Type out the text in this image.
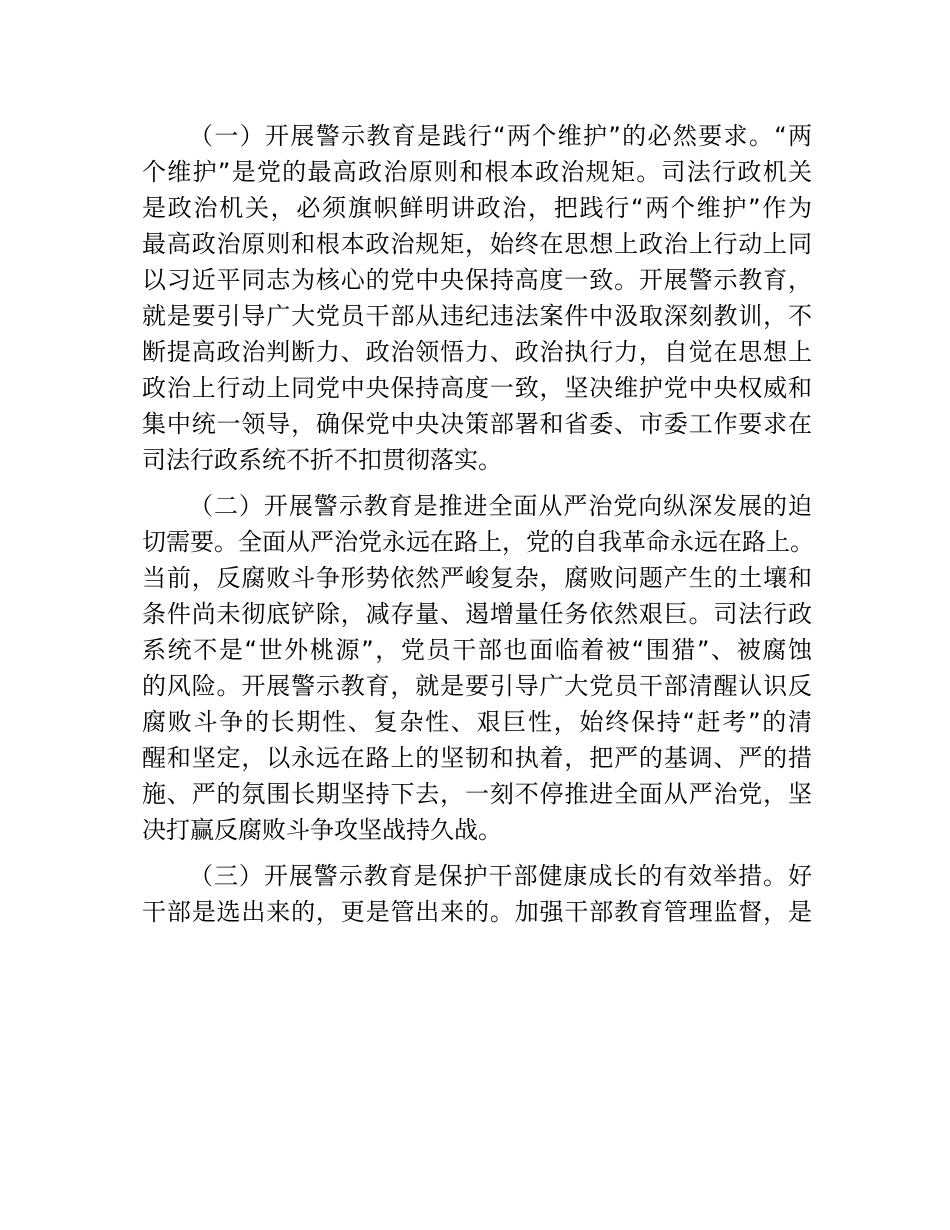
（一）开展警示教育是践行“两个维护”的必然要求。“两
个维护”是党的最高政治原则和根本政治规矩。司法行政机关
是政治机关，必须旗帜鲜明讲政治，把践行“两个维护”作为
最高政治原则和根本政治规矩，始终在思想上政治上行动上同
以习近平同志为核心的党中央保持高度一致。开展警示教育，
就是要引导广大党员干部从违纪违法案件中汲取深刻教训，不
断提高政治判断力、政治领悟力、政治执行力，自觉在思想上
政治上行动上同党中央保持高度一致，坚决维护党中央权威和
集中统一领导，确保党中央决策部署和省委、市委工作要求在
司法行政系统不折不扣贯彻落实。
（二）开展警示教育是推进全面从严治党向纵深发展的迫
切需要。全面从严治党永远在路上，党的自我革命永远在路上。
当前，反腐败斗争形势依然严峻复杂，腐败问题产生的土壤和
条件尚未彻底铲除，减存量、遏增量任务依然艰巨。司法行政
系统不是“世外桃源”，党员干部也面临着被“围猎”、被腐蚀
的风险。开展警示教育，就是要引导广大党员干部清醒认识反
腐败斗争的长期性、复杂性、艰巨性，始终保持“赶考”的清
醒和坚定，以永远在路上的坚韧和执着，把严的基调、严的措
施、严的氛围长期坚持下去，一刻不停推进全面从严治党，坚
决打赢反腐败斗争攻坚战持久战。
（三）开展警示教育是保护干部健康成长的有效举措。好
干部是选出来的，更是管出来的。加强干部教育管理监督，是
